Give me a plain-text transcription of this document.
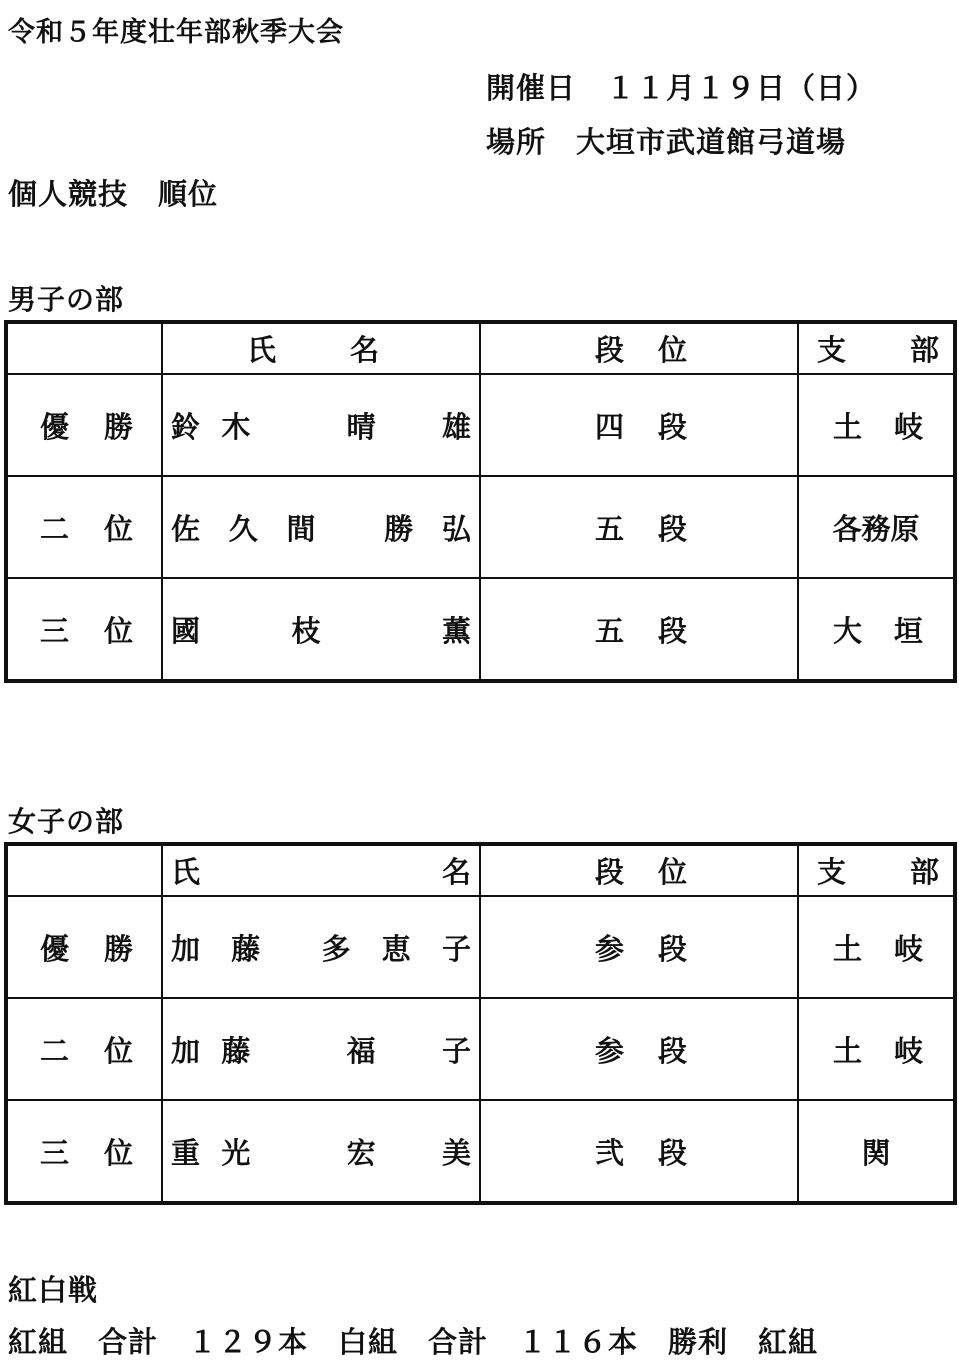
令和５年度壮年部秋季大会
開催日　１１月１９日（日）
場所　大垣市武道館弓道場
個人競技　順位
男子の部

	氏 名	段 位	支 部

優 勝	鈴 木 晴 雄	四 段	土 岐

二 位	佐 久 間 勝 弘	五 段	各務原

三 位	國 枝 薫	五 段	大 垣
女子の部

	氏 名	段 位	支 部

優 勝	加 藤 多 恵 子	参 段	土 岐

二 位	加 藤 福 子	参 段	土 岐

三 位	重 光 宏 美	弐 段	関
紅白戦
紅組　合計　１２９本　白組　合計　１１６本　勝利　紅組
